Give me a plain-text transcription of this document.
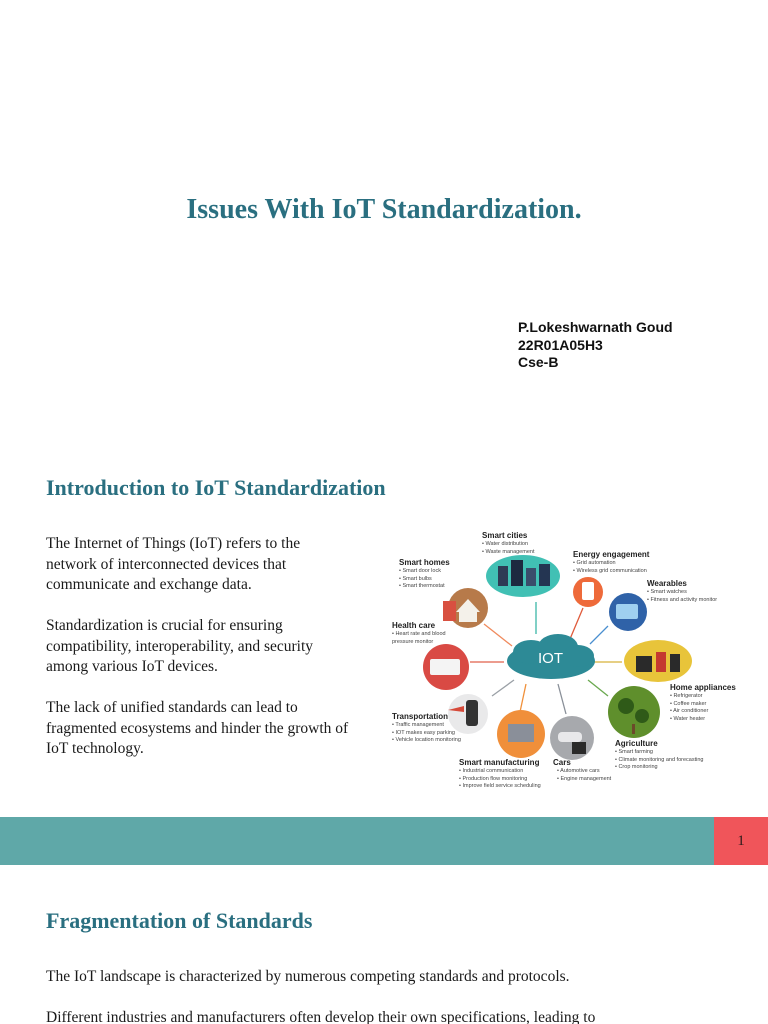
Issues With IoT Standardization.
P.Lokeshwarnath Goud
22R01A05H3
Cse-B
Introduction to IoT Standardization
The Internet of Things (IoT) refers to the network of interconnected devices that communicate and exchange data.
Standardization is crucial for ensuring compatibility, interoperability, and security among various IoT devices.
The lack of unified standards can lead to fragmented ecosystems and hinder the growth of IoT technology.
IOT
Smart cities
• Water distribution
• Waste management
Smart homes
• Smart door lock
• Smart bulbs
• Smart thermostat
Energy engagement
• Grid automation
• Wireless grid communication
Wearables
• Smart watches
• Fitness and activity monitor
Health care
• Heart rate and blood
pressure monitor
Home appliances
• Refrigerator
• Coffee maker
• Air conditioner
• Water heater
Transportation
• Traffic management
• IOT makes easy parking
• Vehicle location monitoring	Agriculture
• Smart farming
• Climate monitoring and forecasting
• Crop monitoring
Smart manufacturing
• Industrial communication
• Production flow monitoring
• Improve field service scheduling
Cars
• Automotive cars
• Engine management
1
Fragmentation of Standards
The IoT landscape is characterized by numerous competing standards and protocols.
Different industries and manufacturers often develop their own specifications, leading to
